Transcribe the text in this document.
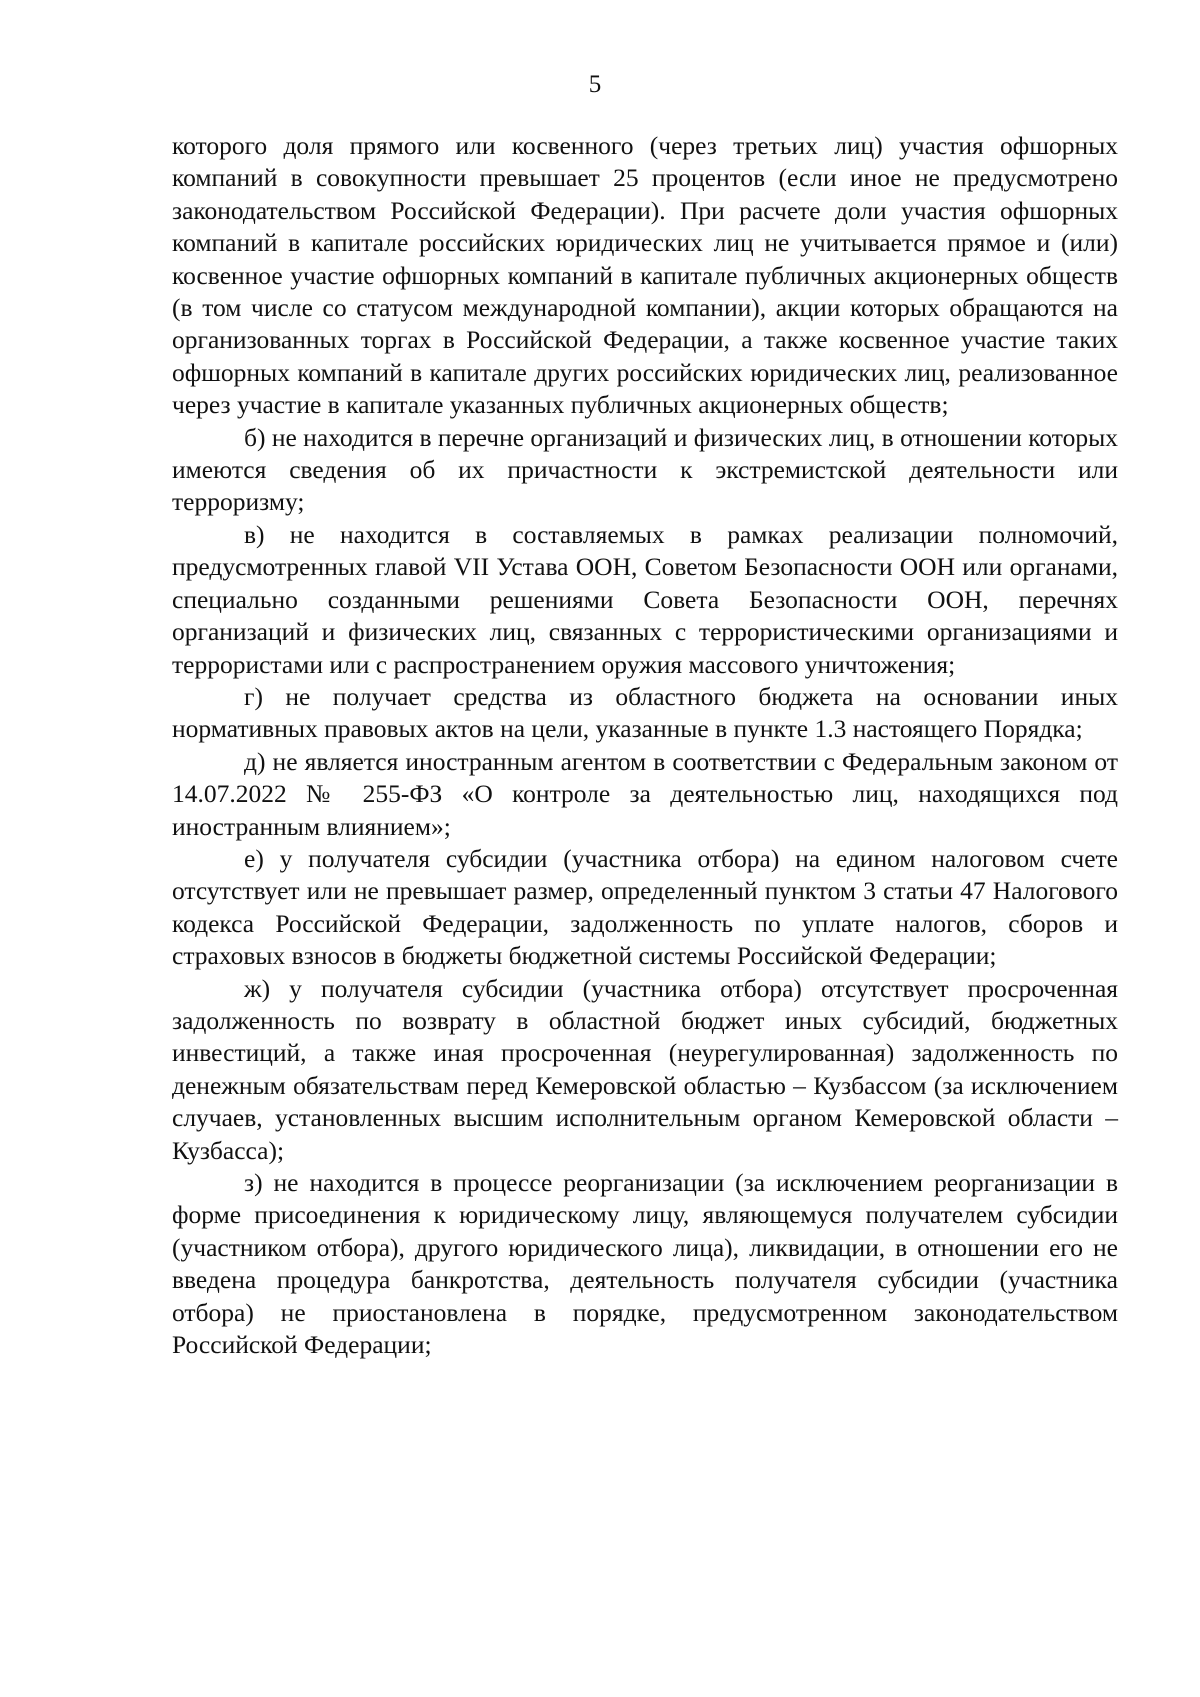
5

которого доля прямого или косвенного (через третьих лиц) участия офшорных компаний в совокупности превышает 25 процентов (если иное не предусмотрено законодательством Российской Федерации). При расчете доли участия офшорных компаний в капитале российских юридических лиц не учитывается прямое и (или) косвенное участие офшорных компаний в капитале публичных акционерных обществ (в том числе со статусом международной компании), акции которых обращаются на организованных торгах в Российской Федерации, а также косвенное участие таких офшорных компаний в капитале других российских юридических лиц, реализованное через участие в капитале указанных публичных акционерных обществ;

б) не находится в перечне организаций и физических лиц, в отношении которых имеются сведения об их причастности к экстремистской деятельности или терроризму;

в) не находится в составляемых в рамках реализации полномочий, предусмотренных главой VII Устава ООН, Советом Безопасности ООН или органами, специально созданными решениями Совета Безопасности ООН, перечнях организаций и физических лиц, связанных с террористическими организациями и террористами или с распространением оружия массового уничтожения;

г) не получает средства из областного бюджета на основании иных нормативных правовых актов на цели, указанные в пункте 1.3 настоящего Порядка;

д) не является иностранным агентом в соответствии с Федеральным законом от 14.07.2022 № 255-ФЗ «О контроле за деятельностью лиц, находящихся под иностранным влиянием»;

е) у получателя субсидии (участника отбора) на едином налоговом счете отсутствует или не превышает размер, определенный пунктом 3 статьи 47 Налогового кодекса Российской Федерации, задолженность по уплате налогов, сборов и страховых взносов в бюджеты бюджетной системы Российской Федерации;

ж) у получателя субсидии (участника отбора) отсутствует просроченная задолженность по возврату в областной бюджет иных субсидий, бюджетных инвестиций, а также иная просроченная (неурегулированная) задолженность по денежным обязательствам перед Кемеровской областью – Кузбассом (за исключением случаев, установленных высшим исполнительным органом Кемеровской области – Кузбасса);

з) не находится в процессе реорганизации (за исключением реорганизации в форме присоединения к юридическому лицу, являющемуся получателем субсидии (участником отбора), другого юридического лица), ликвидации, в отношении его не введена процедура банкротства, деятельность получателя субсидии (участника отбора) не приостановлена в порядке, предусмотренном законодательством Российской Федерации;
